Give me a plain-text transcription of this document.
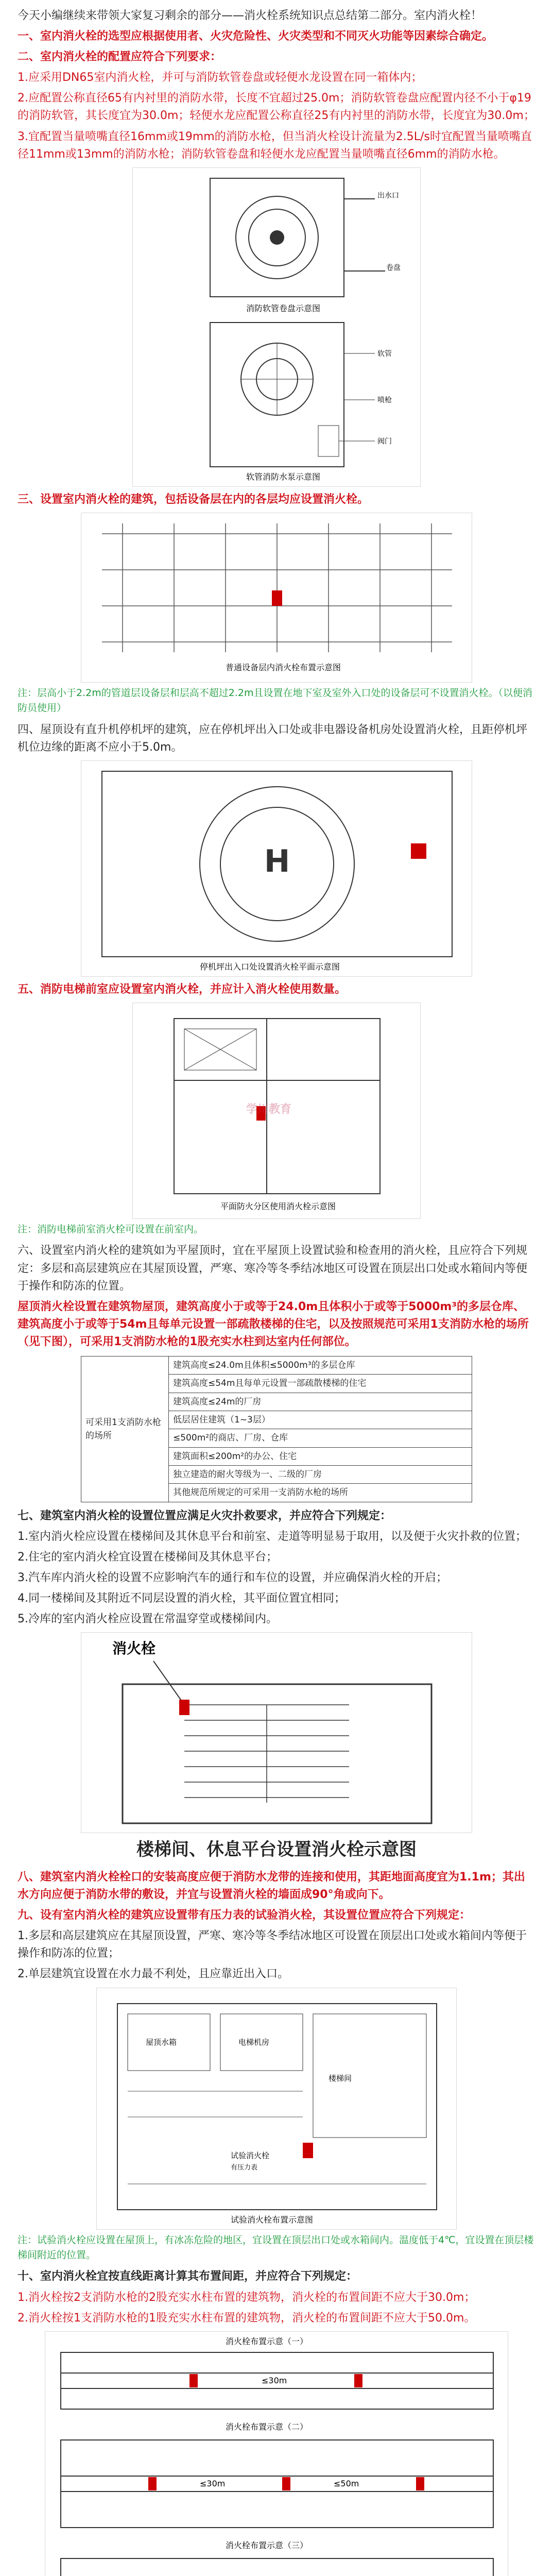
今天小编继续来带领大家复习剩余的部分——消火栓系统知识点总结第二部分。室内消火栓！

一、室内消火栓的选型应根据使用者、火灾危险性、火灾类型和不同灭火功能等因素综合确定。

二、室内消火栓的配置应符合下列要求：

1.应采用DN65室内消火栓，并可与消防软管卷盘或轻便水龙设置在同一箱体内；

2.应配置公称直径65有内衬里的消防水带，长度不宜超过25.0m；消防软管卷盘应配置内径不小于φ19的消防软管，其长度宜为30.0m；轻便水龙应配置公称直径25有内衬里的消防水带，长度宜为30.0m；

3.宜配置当量喷嘴直径16mm或19mm的消防水枪，但当消火栓设计流量为2.5L/s时宜配置当量喷嘴直径11mm或13mm的消防水枪；消防软管卷盘和轻便水龙应配置当量喷嘴直径6mm的消防水枪。

出水口
卷盘
消防软管卷盘示意图
软管
喷枪
阀门
软管消防水泵示意图

三、设置室内消火栓的建筑，包括设备层在内的各层均应设置消火栓。

普通设备层内消火栓布置示意图

注：层高小于2.2m的管道层设备层和层高不超过2.2m且设置在地下室及室外入口处的设备层可不设置消火栓。（以便消防员使用）

四、屋顶设有直升机停机坪的建筑，应在停机坪出入口处或非电器设备机房处设置消火栓，且距停机坪机位边缘的距离不应小于5.0m。

H
停机坪出入口处设置消火栓平面示意图

五、消防电梯前室应设置室内消火栓，并应计入消火栓使用数量。

平面防火分区使用消火栓示意图
学川教育

注：消防电梯前室消火栓可设置在前室内。

六、设置室内消火栓的建筑如为平屋顶时，宜在平屋顶上设置试验和检查用的消火栓，且应符合下列规定：多层和高层建筑应在其屋顶设置，严寒、寒冷等冬季结冰地区可设置在顶层出口处或水箱间内等便于操作和防冻的位置。

屋顶消火栓设置在建筑物屋顶，建筑高度小于或等于24.0m且体积小于或等于5000m³的多层仓库、建筑高度小于或等于54m且每单元设置一部疏散楼梯的住宅，以及按照规范可采用1支消防水枪的场所（见下图），可采用1支消防水枪的1股充实水柱到达室内任何部位。

可采用1支消防水枪的场所	建筑高度≤24.0m且体积≤5000m³的多层仓库
建筑高度≤54m且每单元设置一部疏散楼梯的住宅
建筑高度≤24m的厂房
低层居住建筑（1~3层）
≤500m²的商店、厂房、仓库
建筑面积≤200m²的办公、住宅
独立建造的耐火等级为一、二级的厂房
其他规范所规定的可采用一支消防水枪的场所

七、建筑室内消火栓的设置位置应满足火灾扑救要求，并应符合下列规定：

1.室内消火栓应设置在楼梯间及其休息平台和前室、走道等明显易于取用，以及便于火灾扑救的位置；

2.住宅的室内消火栓宜设置在楼梯间及其休息平台；

3.汽车库内消火栓的设置不应影响汽车的通行和车位的设置，并应确保消火栓的开启；

4.同一楼梯间及其附近不同层设置的消火栓，其平面位置宜相同；

5.冷库的室内消火栓应设置在常温穿堂或楼梯间内。

消火栓

楼梯间、休息平台设置消火栓示意图

八、建筑室内消火栓栓口的安装高度应便于消防水龙带的连接和使用，其距地面高度宜为1.1m；其出水方向应便于消防水带的敷设，并宜与设置消火栓的墙面成90°角或向下。

九、设有室内消火栓的建筑应设置带有压力表的试验消火栓，其设置位置应符合下列规定：

1.多层和高层建筑应在其屋顶设置，严寒、寒冷等冬季结冰地区可设置在顶层出口处或水箱间内等便于操作和防冻的位置；

2.单层建筑宜设置在水力最不利处，且应靠近出入口。

屋顶水箱	电梯机房
楼梯间
试验消火栓
有压力表
试验消火栓布置示意图

注：试验消火栓应设置在屋顶上，有冰冻危险的地区，宜设置在顶层出口处或水箱间内。温度低于4℃，宜设置在顶层楼梯间附近的位置。

十、室内消火栓宜按直线距离计算其布置间距，并应符合下列规定：

1.消火栓按2支消防水枪的2股充实水柱布置的建筑物，消火栓的布置间距不应大于30.0m；

2.消火栓按1支消防水枪的1股充实水柱布置的建筑物，消火栓的布置间距不应大于50.0m。

消火栓布置示意（一）
≤30m
消火栓布置示意（二）
≤30m	≤50m
消火栓布置示意（三）
